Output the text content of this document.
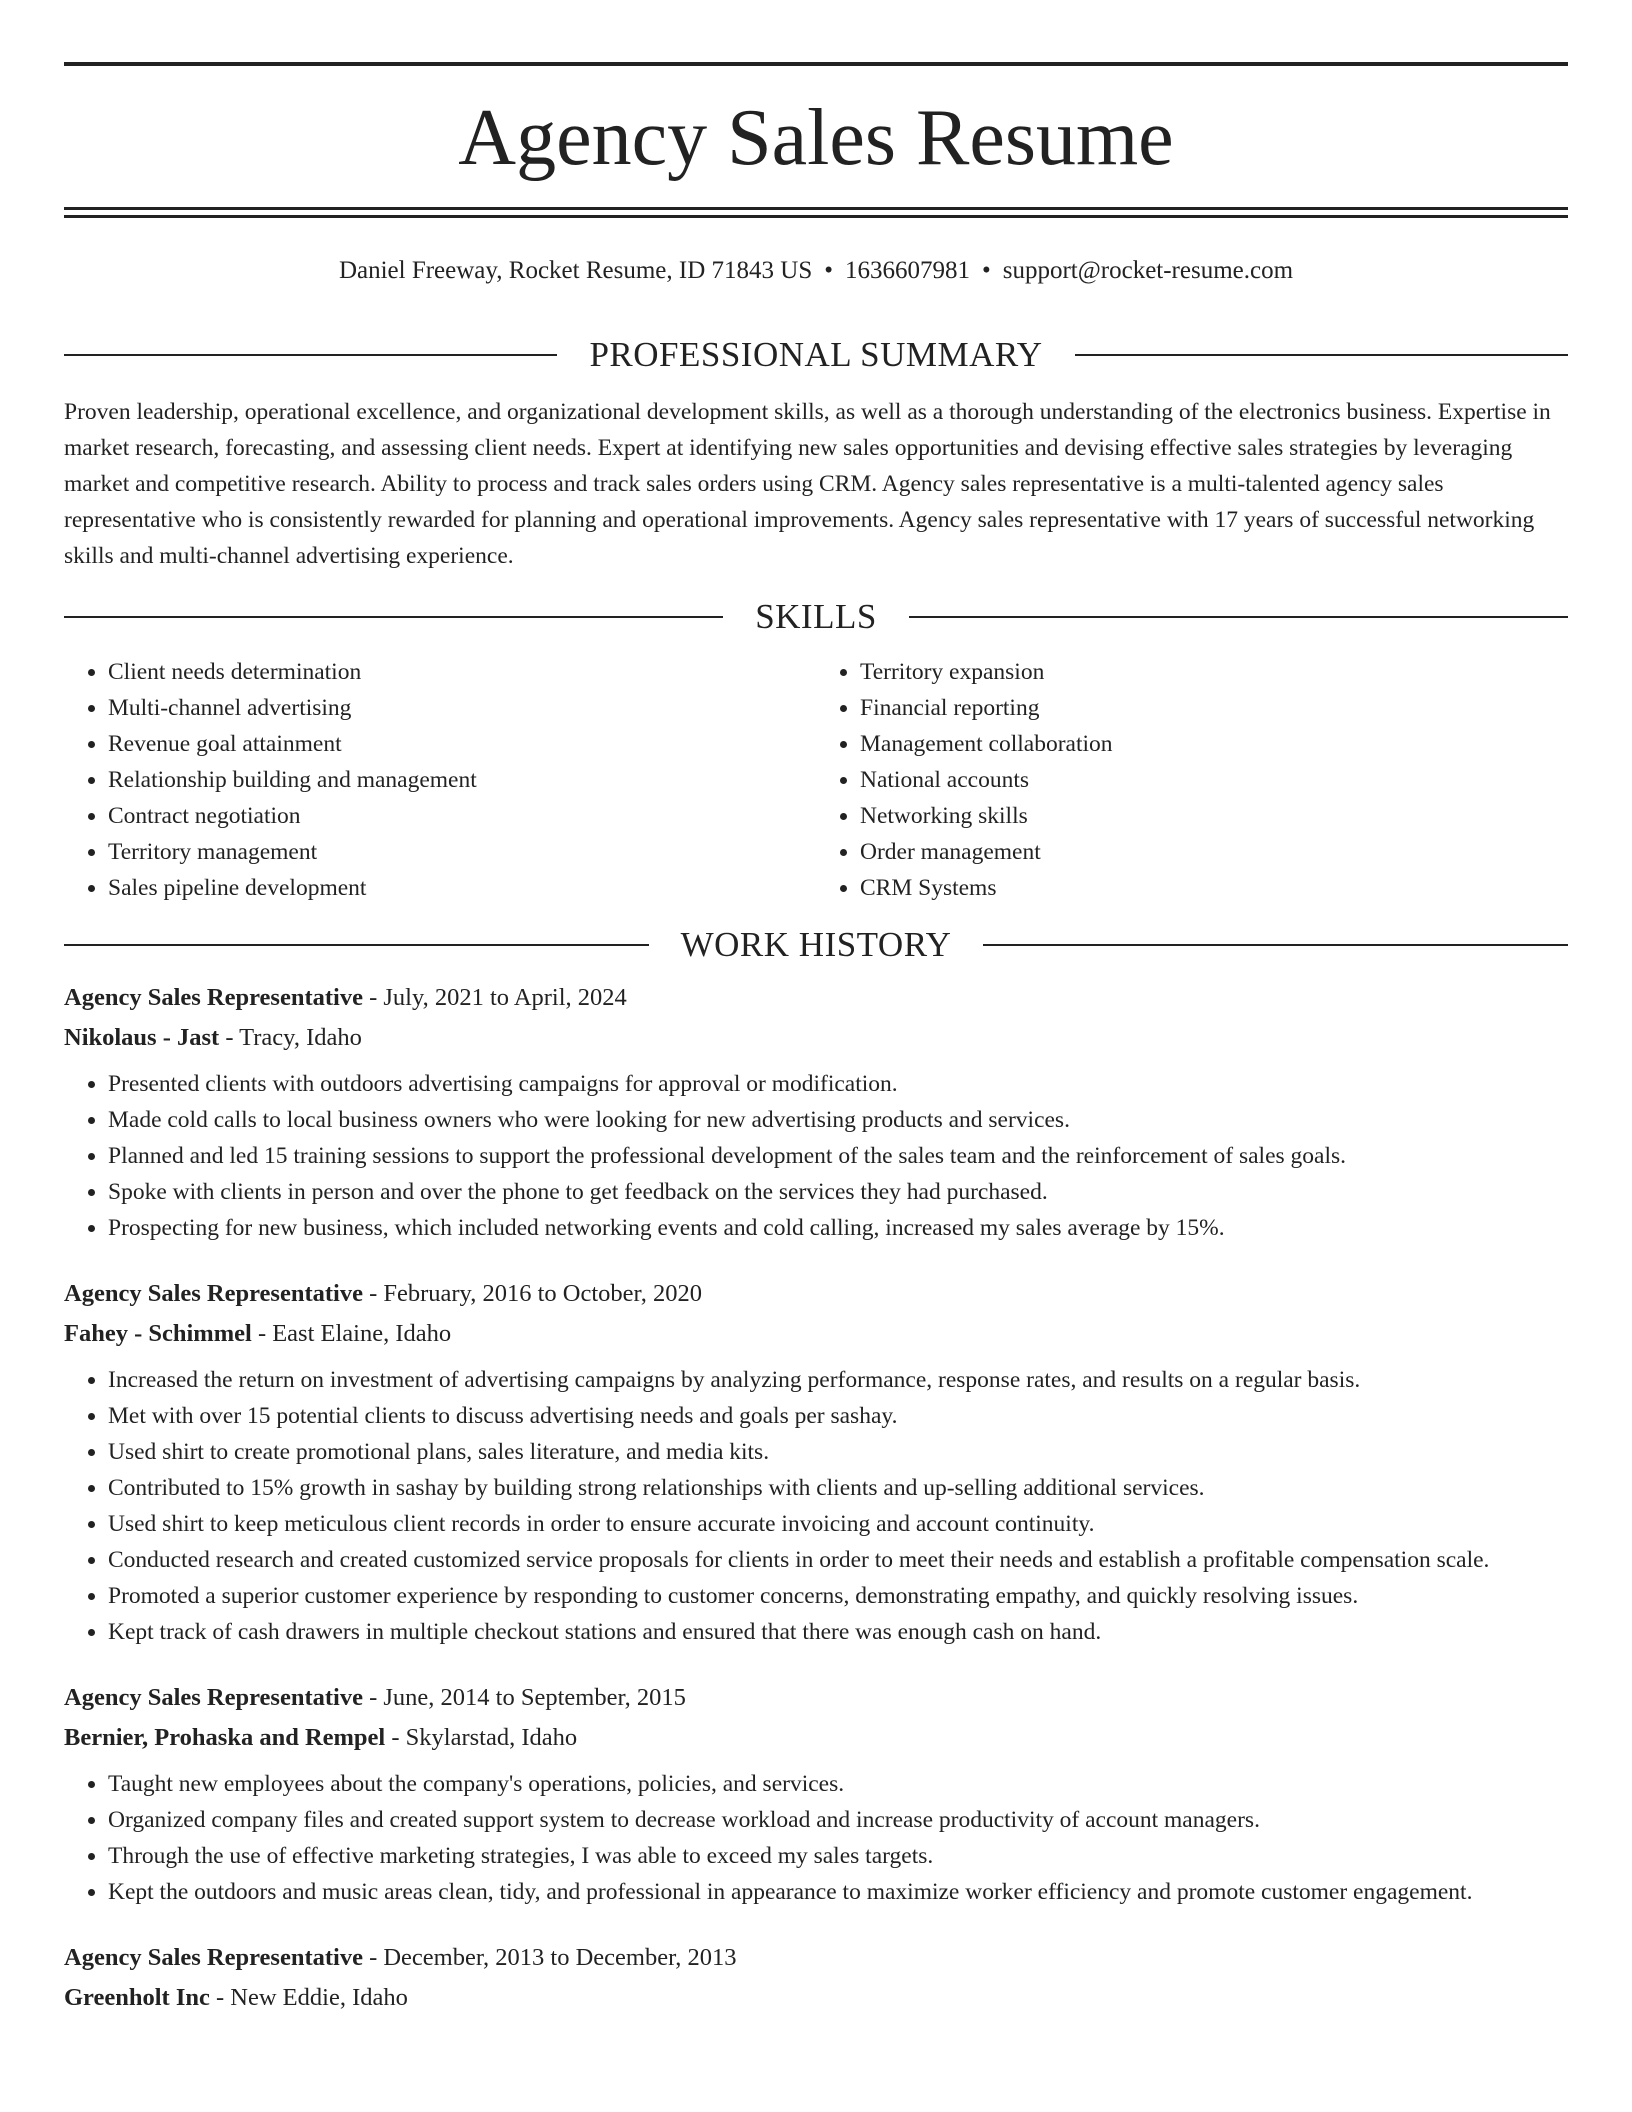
Agency Sales Resume
Daniel Freeway, Rocket Resume, ID 71843 US • 1636607981 • support@rocket-resume.com
PROFESSIONAL SUMMARY

Proven leadership, operational excellence, and organizational development skills, as well as a thorough understanding of the electronics business. Expertise in market research, forecasting, and assessing client needs. Expert at identifying new sales opportunities and devising effective sales strategies by leveraging market and competitive research. Ability to process and track sales orders using CRM. Agency sales representative is a multi-talented agency sales representative who is consistently rewarded for planning and operational improvements. Agency sales representative with 17 years of successful networking skills and multi-channel advertising experience.

SKILLS
• Client needs determination
• Multi-channel advertising
• Revenue goal attainment
• Relationship building and management
• Contract negotiation
• Territory management
• Sales pipeline development
• Territory expansion
• Financial reporting
• Management collaboration
• National accounts
• Networking skills
• Order management
• CRM Systems
WORK HISTORY
Agency Sales Representative - July, 2021 to April, 2024
Nikolaus - Jast - Tracy, Idaho
• Presented clients with outdoors advertising campaigns for approval or modification.
• Made cold calls to local business owners who were looking for new advertising products and services.
• Planned and led 15 training sessions to support the professional development of the sales team and the reinforcement of sales goals.
• Spoke with clients in person and over the phone to get feedback on the services they had purchased.
• Prospecting for new business, which included networking events and cold calling, increased my sales average by 15%.
Agency Sales Representative - February, 2016 to October, 2020
Fahey - Schimmel - East Elaine, Idaho
• Increased the return on investment of advertising campaigns by analyzing performance, response rates, and results on a regular basis.
• Met with over 15 potential clients to discuss advertising needs and goals per sashay.
• Used shirt to create promotional plans, sales literature, and media kits.
• Contributed to 15% growth in sashay by building strong relationships with clients and up-selling additional services.
• Used shirt to keep meticulous client records in order to ensure accurate invoicing and account continuity.
• Conducted research and created customized service proposals for clients in order to meet their needs and establish a profitable compensation scale.
• Promoted a superior customer experience by responding to customer concerns, demonstrating empathy, and quickly resolving issues.
• Kept track of cash drawers in multiple checkout stations and ensured that there was enough cash on hand.
Agency Sales Representative - June, 2014 to September, 2015
Bernier, Prohaska and Rempel - Skylarstad, Idaho
• Taught new employees about the company's operations, policies, and services.
• Organized company files and created support system to decrease workload and increase productivity of account managers.
• Through the use of effective marketing strategies, I was able to exceed my sales targets.
• Kept the outdoors and music areas clean, tidy, and professional in appearance to maximize worker efficiency and promote customer engagement.
Agency Sales Representative - December, 2013 to December, 2013
Greenholt Inc - New Eddie, Idaho
